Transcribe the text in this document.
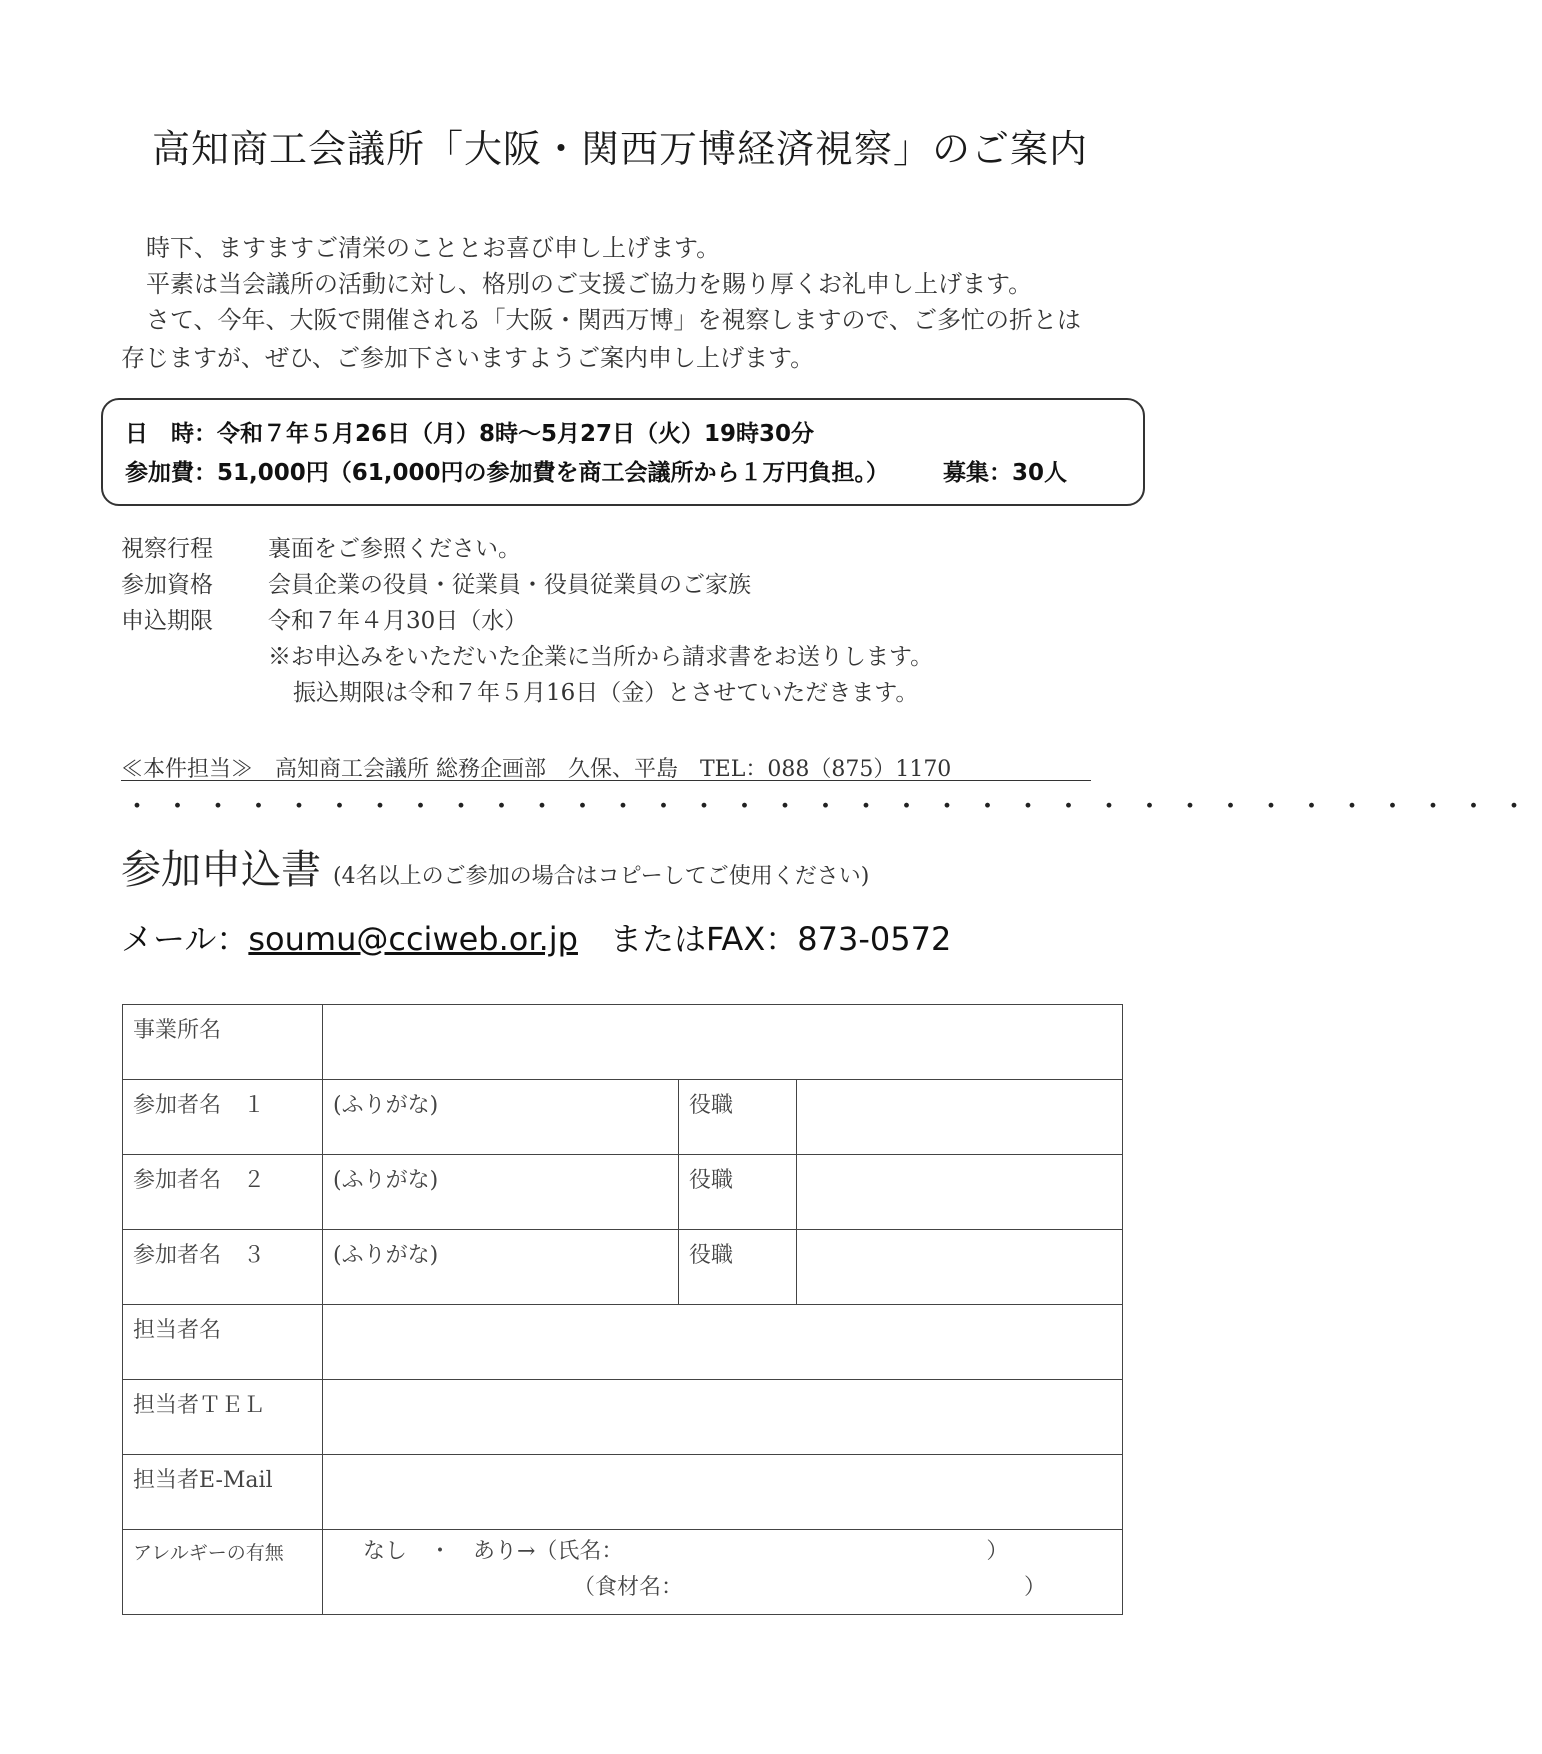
高知商工会議所「大阪・関西万博経済視察」のご案内
時下、ますますご清栄のこととお喜び申し上げます。
平素は当会議所の活動に対し、格別のご支援ご協力を賜り厚くお礼申し上げます。
さて、今年、大阪で開催される「大阪・関西万博」を視察しますので、ご多忙の折とは
存じますが、ぜひ、ご参加下さいますようご案内申し上げます。
日　時：令和７年５月26日（月）8時～5月27日（火）19時30分
参加費：51,000円（61,000円の参加費を商工会議所から１万円負担。） 募集：30人
視察行程 裏面をご参照ください。
参加資格 会員企業の役員・従業員・役員従業員のご家族
申込期限 令和７年４月30日（水）
※お申込みをいただいた企業に当所から請求書をお送りします。
振込期限は令和７年５月16日（金）とさせていただきます。
≪本件担当≫　高知商工会議所 総務企画部　久保、平島　TEL：088（875）1170
・・・・・・・・・・・・・・・・・・・・・・・・・・・・・・・・・・・
参加申込書 (4名以上のご参加の場合はコピーしてご使用ください)
メール：soumu@cciweb.or.jp またはFAX：873-0572
事業所名			
参加者名　１	(ふりがな)	役職	
参加者名　２	(ふりがな)	役職	
参加者名　３	(ふりがな)	役職	
担当者名			
担当者ＴＥＬ			
担当者E-Mail			
アレルギーの有無	なし　・　あり→（氏名：　　　　　　　　　　　　　　　　　）
（食材名：　　　　　　　　　　　　　　　　）		
